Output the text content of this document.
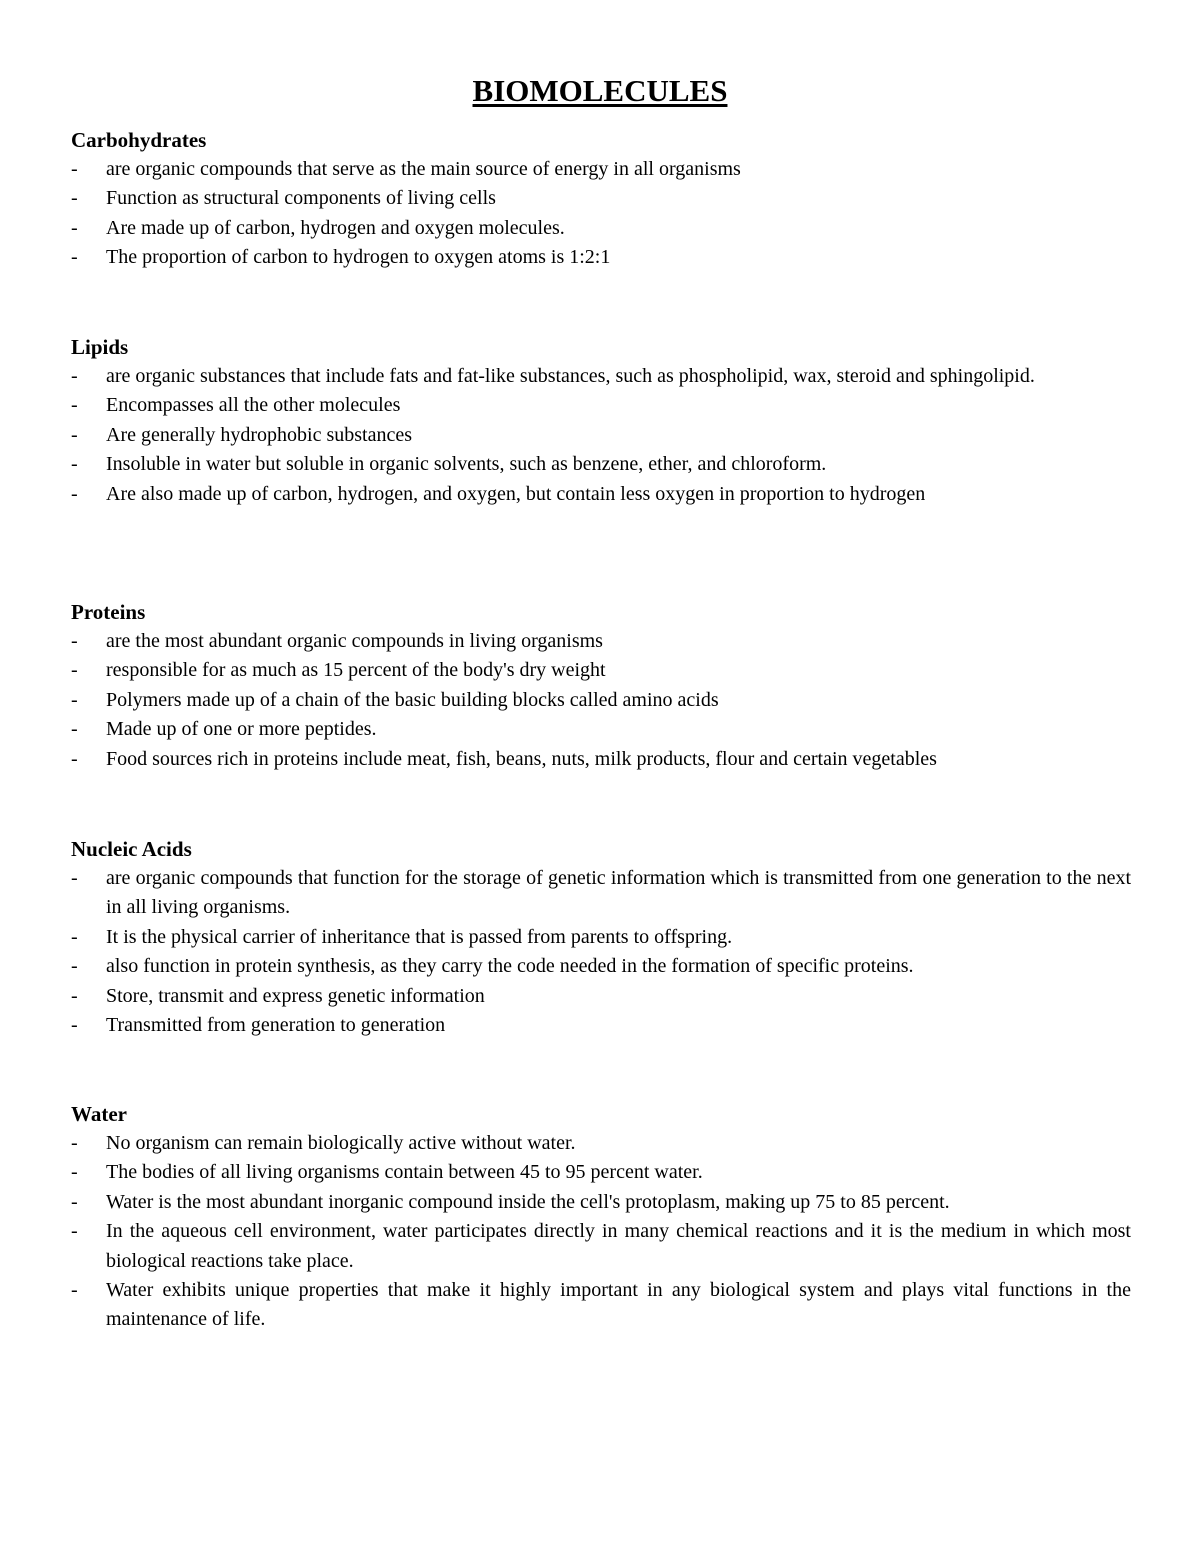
BIOMOLECULES
Carbohydrates
-	are organic compounds that serve as the main source of energy in all organisms
-	Function as structural components of living cells
-	Are made up of carbon, hydrogen and oxygen molecules.
-	The proportion of carbon to hydrogen to oxygen atoms is 1:2:1
Lipids
-	are organic substances that include fats and fat-like substances, such as phospholipid, wax, steroid and sphingolipid.
-	Encompasses all the other molecules
-	Are generally hydrophobic substances
-	Insoluble in water but soluble in organic solvents, such as benzene, ether, and chloroform.
-	Are also made up of carbon, hydrogen, and oxygen, but contain less oxygen in proportion to hydrogen
Proteins
-	are the most abundant organic compounds in living organisms
-	responsible for as much as 15 percent of the body's dry weight
-	Polymers made up of a chain of the basic building blocks called amino acids
-	Made up of one or more peptides.
-	Food sources rich in proteins include meat, fish, beans, nuts, milk products, flour and certain vegetables
Nucleic Acids
-	are organic compounds that function for the storage of genetic information which is transmitted from one generation to the next in all living organisms.
-	It is the physical carrier of inheritance that is passed from parents to offspring.
-	also function in protein synthesis, as they carry the code needed in the formation of specific proteins.
-	Store, transmit and express genetic information
-	Transmitted from generation to generation
Water
-	No organism can remain biologically active without water.
-	The bodies of all living organisms contain between 45 to 95 percent water.
-	Water is the most abundant inorganic compound inside the cell's protoplasm, making up 75 to 85 percent.
-	In the aqueous cell environment, water participates directly in many chemical reactions and it is the medium in which most biological reactions take place.
-	Water exhibits unique properties that make it highly important in any biological system and plays vital functions in the maintenance of life.
